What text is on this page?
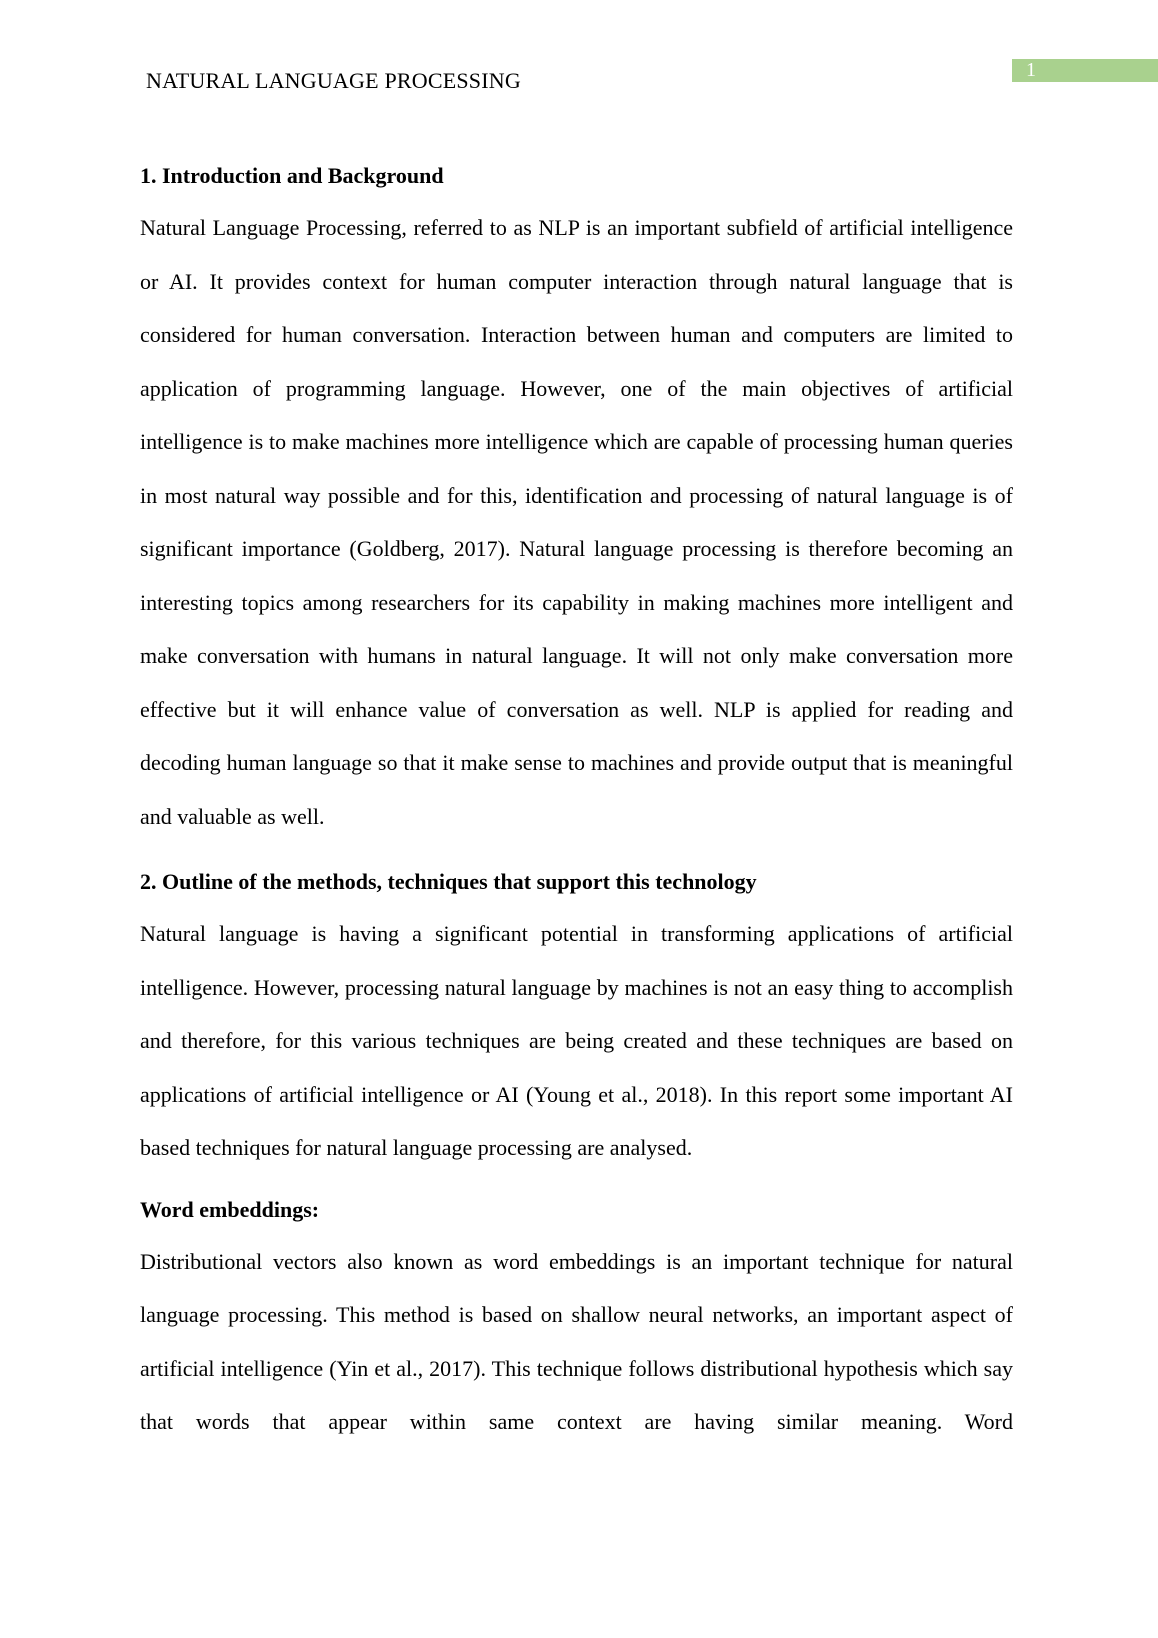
NATURAL LANGUAGE PROCESSING	1

1. Introduction and Background

Natural Language Processing, referred to as NLP is an important subfield of artificial intelligence or AI. It provides context for human computer interaction through natural language that is considered for human conversation. Interaction between human and computers are limited to application of programming language. However, one of the main objectives of artificial intelligence is to make machines more intelligence which are capable of processing human queries in most natural way possible and for this, identification and processing of natural language is of significant importance (Goldberg, 2017). Natural language processing is therefore becoming an interesting topics among researchers for its capability in making machines more intelligent and make conversation with humans in natural language. It will not only make conversation more effective but it will enhance value of conversation as well. NLP is applied for reading and decoding human language so that it make sense to machines and provide output that is meaningful and valuable as well.

2. Outline of the methods, techniques that support this technology

Natural language is having a significant potential in transforming applications of artificial intelligence. However, processing natural language by machines is not an easy thing to accomplish and therefore, for this various techniques are being created and these techniques are based on applications of artificial intelligence or AI (Young et al., 2018). In this report some important AI based techniques for natural language processing are analysed.

Word embeddings:

Distributional vectors also known as word embeddings is an important technique for natural language processing. This method is based on shallow neural networks, an important aspect of artificial intelligence (Yin et al., 2017). This technique follows distributional hypothesis which say that words that appear within same context are having similar meaning. Word
